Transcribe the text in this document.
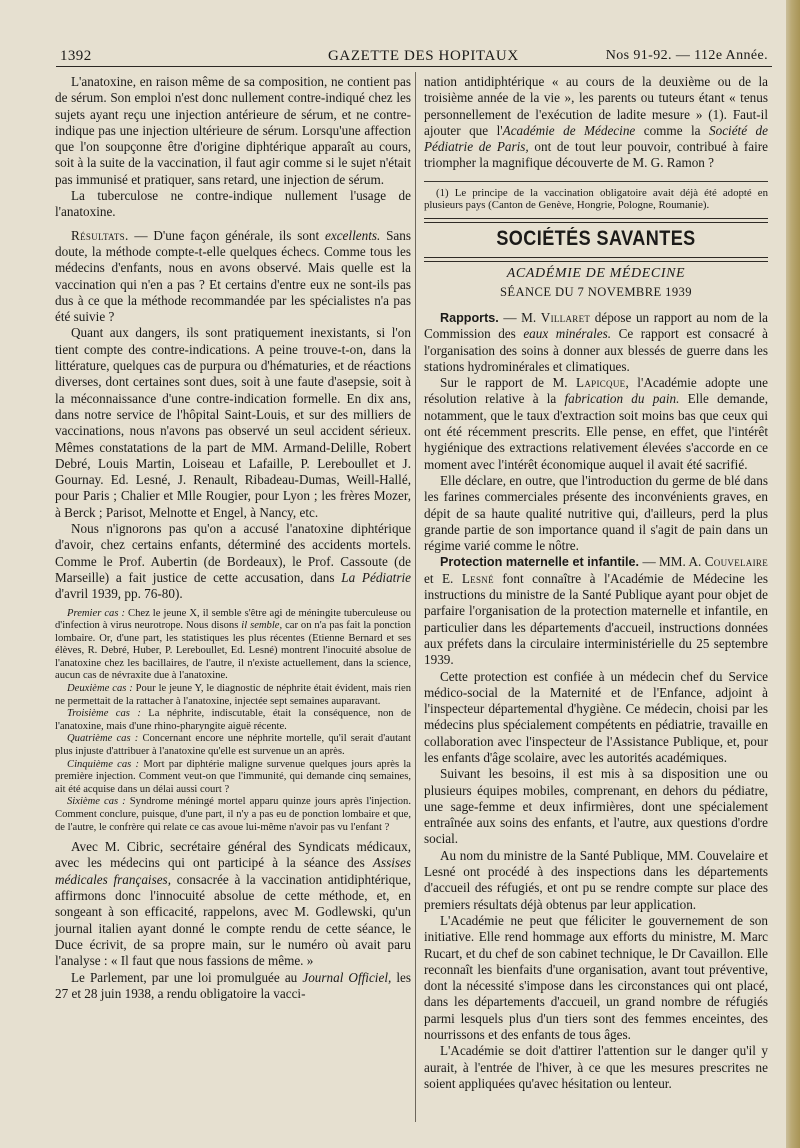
1392	GAZETTE DES HOPITAUX	Nos 91-92. — 112e Année.

L'anatoxine, en raison même de sa composition, ne contient pas de sérum. Son emploi n'est donc nullement contre-indiqué chez les sujets ayant reçu une injection antérieure de sérum, et ne contre-indique pas une injection ultérieure de sérum. Lorsqu'une affection que l'on soupçonne être d'origine diphtérique apparaît au cours, soit à la suite de la vaccination, il faut agir comme si le sujet n'était pas immunisé et pratiquer, sans retard, une injection de sérum.

La tuberculose ne contre-indique nullement l'usage de l'anatoxine.

Résultats. — D'une façon générale, ils sont excellents. Sans doute, la méthode compte-t-elle quelques échecs. Comme tous les médecins d'enfants, nous en avons observé. Mais quelle est la vaccination qui n'en a pas ? Et certains d'entre eux ne sont-ils pas dus à ce que la méthode recommandée par les spécialistes n'a pas été suivie ?

Quant aux dangers, ils sont pratiquement inexistants, si l'on tient compte des contre-indications. A peine trouve-t-on, dans la littérature, quelques cas de purpura ou d'hématuries, et de réactions diverses, dont certaines sont dues, soit à une faute d'asepsie, soit à la méconnaissance d'une contre-indication formelle. En dix ans, dans notre service de l'hôpital Saint-Louis, et sur des milliers de vaccinations, nous n'avons pas observé un seul accident sérieux. Mêmes constatations de la part de MM. Armand-Delille, Robert Debré, Louis Martin, Loiseau et Lafaille, P. Lereboullet et J. Gournay. Ed. Lesné, J. Renault, Ribadeau-Dumas, Weill-Hallé, pour Paris ; Chalier et Mlle Rougier, pour Lyon ; les frères Mozer, à Berck ; Parisot, Melnotte et Engel, à Nancy, etc.

Nous n'ignorons pas qu'on a accusé l'anatoxine diphtérique d'avoir, chez certains enfants, déterminé des accidents mortels. Comme le Prof. Aubertin (de Bordeaux), le Prof. Cassoute (de Marseille) a fait justice de cette accusation, dans La Pédiatrie d'avril 1939, pp. 76-80).

Premier cas : Chez le jeune X, il semble s'être agi de méningite tuberculeuse ou d'infection à virus neurotrope. Nous disons il semble, car on n'a pas fait la ponction lombaire. Or, d'une part, les statistiques les plus récentes (Etienne Bernard et ses élèves, R. Debré, Huber, P. Lereboullet, Ed. Lesné) montrent l'inocuité absolue de l'anatoxine chez les bacillaires, de l'autre, il n'existe actuellement, dans la science, aucun cas de névraxite due à l'anatoxine.

Deuxième cas : Pour le jeune Y, le diagnostic de néphrite était évident, mais rien ne permettait de la rattacher à l'anatoxine, injectée sept semaines auparavant.

Troisième cas : La néphrite, indiscutable, était la conséquence, non de l'anatoxine, mais d'une rhino-pharyngite aiguë récente.

Quatrième cas : Concernant encore une néphrite mortelle, qu'il serait d'autant plus injuste d'attribuer à l'anatoxine qu'elle est survenue un an après.

Cinquième cas : Mort par diphtérie maligne survenue quelques jours après la première injection. Comment veut-on que l'immunité, qui demande cinq semaines, ait été acquise dans un délai aussi court ?

Sixième cas : Syndrome méningé mortel apparu quinze jours après l'injection. Comment conclure, puisque, d'une part, il n'y a pas eu de ponction lombaire et que, de l'autre, le confrère qui relate ce cas avoue lui-même n'avoir pas vu l'enfant ?

Avec M. Cibric, secrétaire général des Syndicats médicaux, avec les médecins qui ont participé à la séance des Assises médicales françaises, consacrée à la vaccination antidiphtérique, affirmons donc l'innocuité absolue de cette méthode, et, en songeant à son efficacité, rappelons, avec M. Godlewski, qu'un journal italien ayant donné le compte rendu de cette séance, le Duce écrivit, de sa propre main, sur le numéro où avait paru l'analyse : « Il faut que nous fassions de même. »

Le Parlement, par une loi promulguée au Journal Officiel, les 27 et 28 juin 1938, a rendu obligatoire la vacci-

nation antidiphtérique « au cours de la deuxième ou de la troisième année de la vie », les parents ou tuteurs étant « tenus personnellement de l'exécution de ladite mesure » (1). Faut-il ajouter que l'Académie de Médecine comme la Société de Pédiatrie de Paris, ont de tout leur pouvoir, contribué à faire triompher la magnifique découverte de M. G. Ramon ?

(1) Le principe de la vaccination obligatoire avait déjà été adopté en plusieurs pays (Canton de Genève, Hongrie, Pologne, Roumanie).

SOCIÉTÉS SAVANTES
ACADÉMIE DE MÉDECINE
SÉANCE DU 7 NOVEMBRE 1939

Rapports. — M. Villaret dépose un rapport au nom de la Commission des eaux minérales. Ce rapport est consacré à l'organisation des soins à donner aux blessés de guerre dans les stations hydrominérales et climatiques.

Sur le rapport de M. Lapicque, l'Académie adopte une résolution relative à la fabrication du pain. Elle demande, notamment, que le taux d'extraction soit moins bas que ceux qui ont été récemment prescrits. Elle pense, en effet, que l'intérêt hygiénique des extractions relativement élevées s'accorde en ce moment avec l'intérêt économique auquel il avait été sacrifié.

Elle déclare, en outre, que l'introduction du germe de blé dans les farines commerciales présente des inconvénients graves, en dépit de sa haute qualité nutritive qui, d'ailleurs, perd la plus grande partie de son importance quand il s'agit de pain dans un régime varié comme le nôtre.

Protection maternelle et infantile. — MM. A. Couvelaire et E. Lesné font connaître à l'Académie de Médecine les instructions du ministre de la Santé Publique ayant pour objet de parfaire l'organisation de la protection maternelle et infantile, en particulier dans les départements d'accueil, instructions données aux préfets dans la circulaire interministérielle du 25 septembre 1939.

Cette protection est confiée à un médecin chef du Service médico-social de la Maternité et de l'Enfance, adjoint à l'inspecteur départemental d'hygiène. Ce médecin, choisi par les médecins plus spécialement compétents en pédiatrie, travaille en collaboration avec l'inspecteur de l'Assistance Publique, et, pour les enfants d'âge scolaire, avec les autorités académiques.

Suivant les besoins, il est mis à sa disposition une ou plusieurs équipes mobiles, comprenant, en dehors du pédiatre, une sage-femme et deux infirmières, dont une spécialement entraînée aux soins des enfants, et l'autre, aux questions d'ordre social.

Au nom du ministre de la Santé Publique, MM. Couvelaire et Lesné ont procédé à des inspections dans les départements d'accueil des réfugiés, et ont pu se rendre compte sur place des premiers résultats déjà obtenus par leur application.

L'Académie ne peut que féliciter le gouvernement de son initiative. Elle rend hommage aux efforts du ministre, M. Marc Rucart, et du chef de son cabinet technique, le Dr Cavaillon. Elle reconnaît les bienfaits d'une organisation, avant tout préventive, dont la nécessité s'impose dans les circonstances qui ont placé, dans les départements d'accueil, un grand nombre de réfugiés parmi lesquels plus d'un tiers sont des femmes enceintes, des nourrissons et des enfants de tous âges.

L'Académie se doit d'attirer l'attention sur le danger qu'il y aurait, à l'entrée de l'hiver, à ce que les mesures prescrites ne soient appliquées qu'avec hésitation ou lenteur.
